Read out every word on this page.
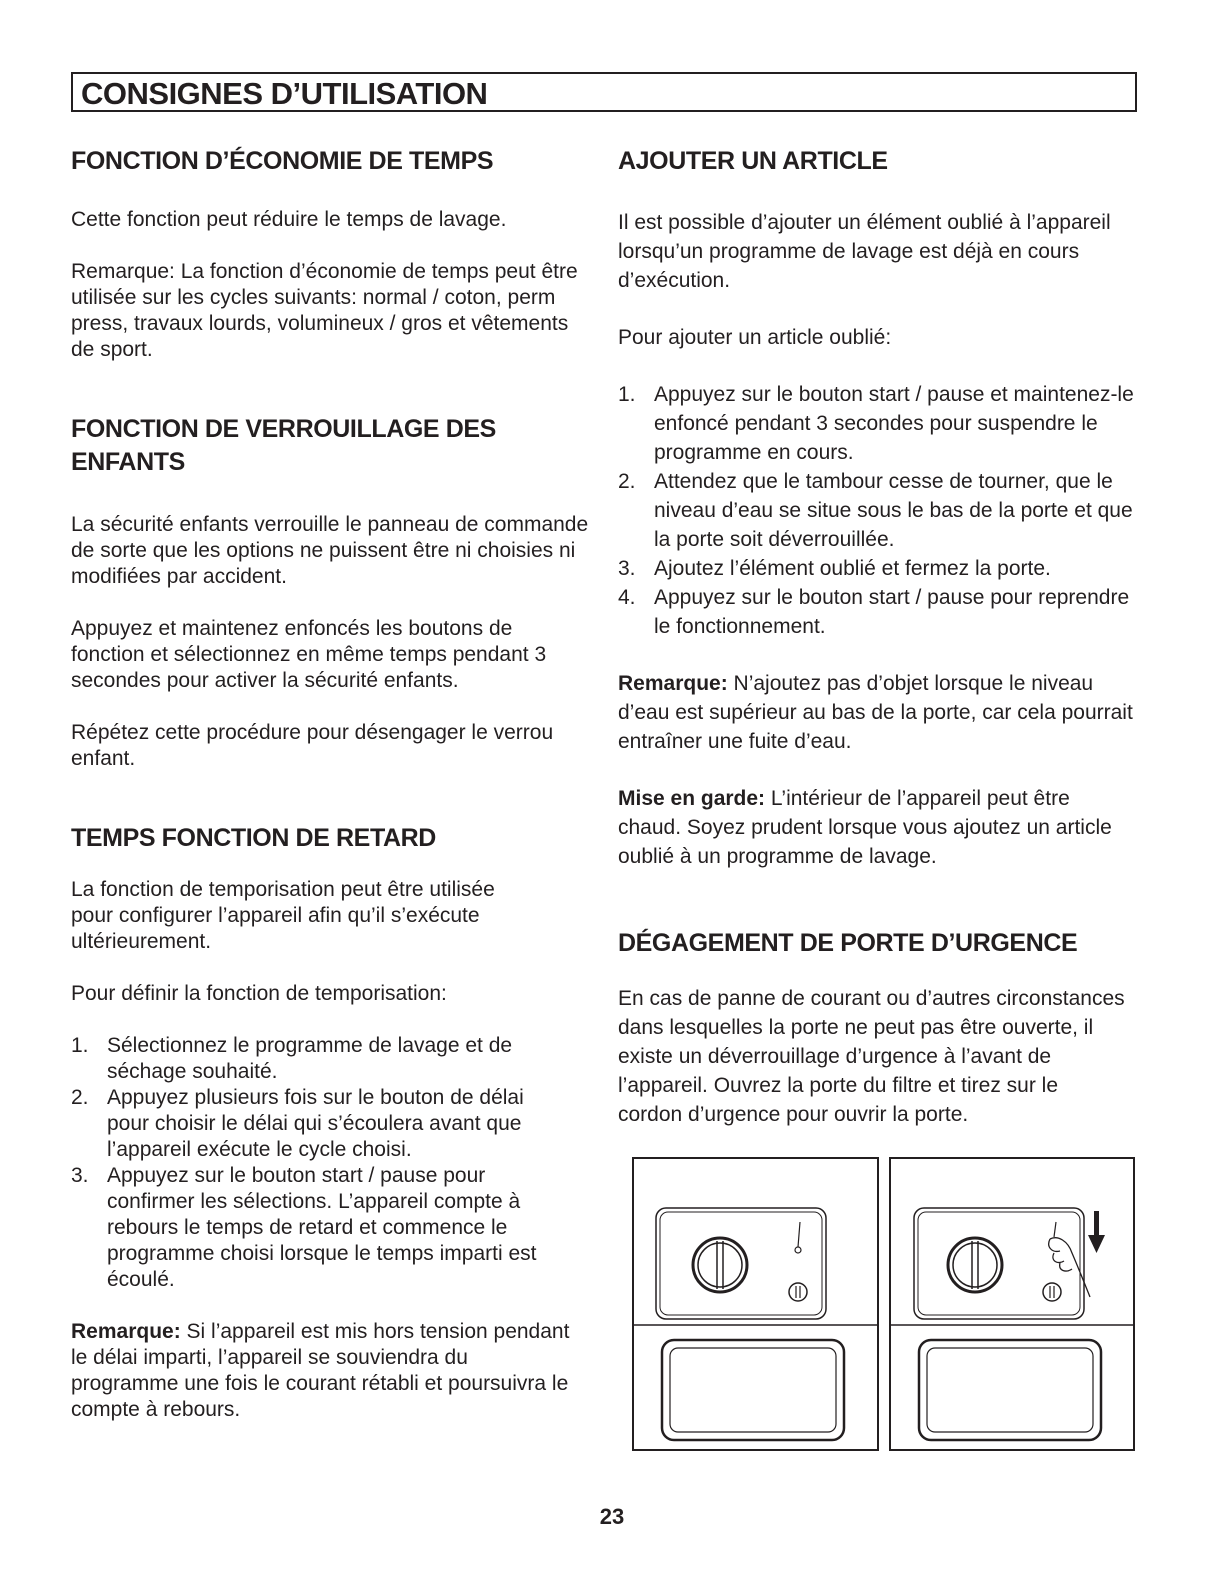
CONSIGNES D’UTILISATION
FONCTION D’ÉCONOMIE DE TEMPS

Cette fonction peut réduire le temps de lavage.

Remarque: La fonction d’économie de temps peut être utilisée sur les cycles suivants: normal / coton, perm press, travaux lourds, volumineux / gros et vêtements de sport.

FONCTION DE VERROUILLAGE DES ENFANTS

La sécurité enfants verrouille le panneau de commande de sorte que les options ne puissent être ni choisies ni modifiées par accident.

Appuyez et maintenez enfoncés les boutons de fonction et sélectionnez en même temps pendant 3 secondes pour activer la sécurité enfants.

Répétez cette procédure pour désengager le verrou enfant.

TEMPS FONCTION DE RETARD

La fonction de temporisation peut être utilisée pour configurer l’appareil afin qu’il s’exécute ultérieurement.

Pour définir la fonction de temporisation:

1. Sélectionnez le programme de lavage et de séchage souhaité.
2. Appuyez plusieurs fois sur le bouton de délai pour choisir le délai qui s’écoulera avant que l’appareil exécute le cycle choisi.
3. Appuyez sur le bouton start / pause pour confirmer les sélections. L’appareil compte à rebours le temps de retard et commence le programme choisi lorsque le temps imparti est écoulé.

Remarque: Si l’appareil est mis hors tension pendant le délai imparti, l’appareil se souviendra du programme une fois le courant rétabli et poursuivra le compte à rebours.

AJOUTER UN ARTICLE

Il est possible d’ajouter un élément oublié à l’appareil lorsqu’un programme de lavage est déjà en cours d’exécution.

Pour ajouter un article oublié:

1. Appuyez sur le bouton start / pause et maintenez-le enfoncé pendant 3 secondes pour suspendre le programme en cours.
2. Attendez que le tambour cesse de tourner, que le niveau d’eau se situe sous le bas de la porte et que la porte soit déverrouillée.
3. Ajoutez l’élément oublié et fermez la porte.
4. Appuyez sur le bouton start / pause pour reprendre le fonctionnement.

Remarque: N’ajoutez pas d’objet lorsque le niveau d’eau est supérieur au bas de la porte, car cela pourrait entraîner une fuite d’eau.

Mise en garde: L’intérieur de l’appareil peut être chaud. Soyez prudent lorsque vous ajoutez un article oublié à un programme de lavage.

DÉGAGEMENT DE PORTE D’URGENCE

En cas de panne de courant ou d’autres circonstances dans lesquelles la porte ne peut pas être ouverte, il existe un déverrouillage d’urgence à l’avant de l’appareil. Ouvrez la porte du filtre et tirez sur le cordon d’urgence pour ouvrir la porte.

23
